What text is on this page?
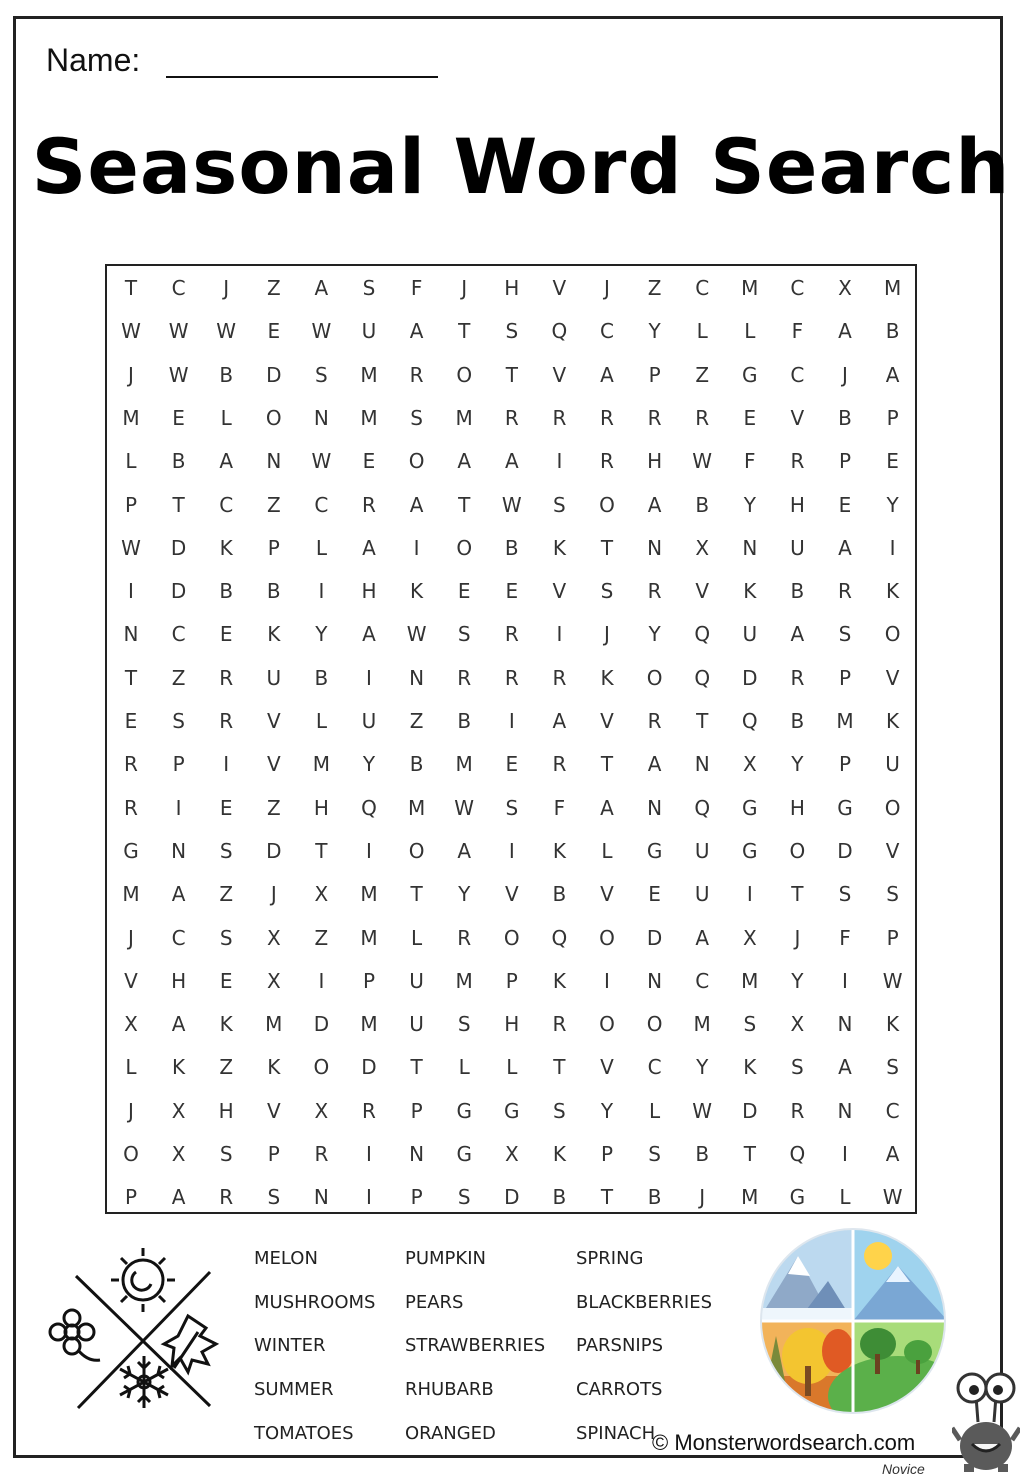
Name:
Seasonal Word Search
T	C	J	Z	A	S	F	J	H	V	J	Z	C	M	C	X	M
W	W	W	E	W	U	A	T	S	Q	C	Y	L	L	F	A	B
J	W	B	D	S	M	R	O	T	V	A	P	Z	G	C	J	A
M	E	L	O	N	M	S	M	R	R	R	R	R	E	V	B	P
L	B	A	N	W	E	O	A	A	I	R	H	W	F	R	P	E
P	T	C	Z	C	R	A	T	W	S	O	A	B	Y	H	E	Y
W	D	K	P	L	A	I	O	B	K	T	N	X	N	U	A	I
I	D	B	B	I	H	K	E	E	V	S	R	V	K	B	R	K
N	C	E	K	Y	A	W	S	R	I	J	Y	Q	U	A	S	O
T	Z	R	U	B	I	N	R	R	R	K	O	Q	D	R	P	V
E	S	R	V	L	U	Z	B	I	A	V	R	T	Q	B	M	K
R	P	I	V	M	Y	B	M	E	R	T	A	N	X	Y	P	U
R	I	E	Z	H	Q	M	W	S	F	A	N	Q	G	H	G	O
G	N	S	D	T	I	O	A	I	K	L	G	U	G	O	D	V
M	A	Z	J	X	M	T	Y	V	B	V	E	U	I	T	S	S
J	C	S	X	Z	M	L	R	O	Q	O	D	A	X	J	F	P
V	H	E	X	I	P	U	M	P	K	I	N	C	M	Y	I	W
X	A	K	M	D	M	U	S	H	R	O	O	M	S	X	N	K
L	K	Z	K	O	D	T	L	L	T	V	C	Y	K	S	A	S
J	X	H	V	X	R	P	G	G	S	Y	L	W	D	R	N	C
O	X	S	P	R	I	N	G	X	K	P	S	B	T	Q	I	A
P	A	R	S	N	I	P	S	D	B	T	B	J	M	G	L	W
MELON
MUSHROOMS
WINTER
SUMMER
TOMATOES
PUMPKIN
PEARS
STRAWBERRIES
RHUBARB
ORANGED
SPRING
BLACKBERRIES
PARSNIPS
CARROTS
SPINACH
© Monsterwordsearch.com
Novice
